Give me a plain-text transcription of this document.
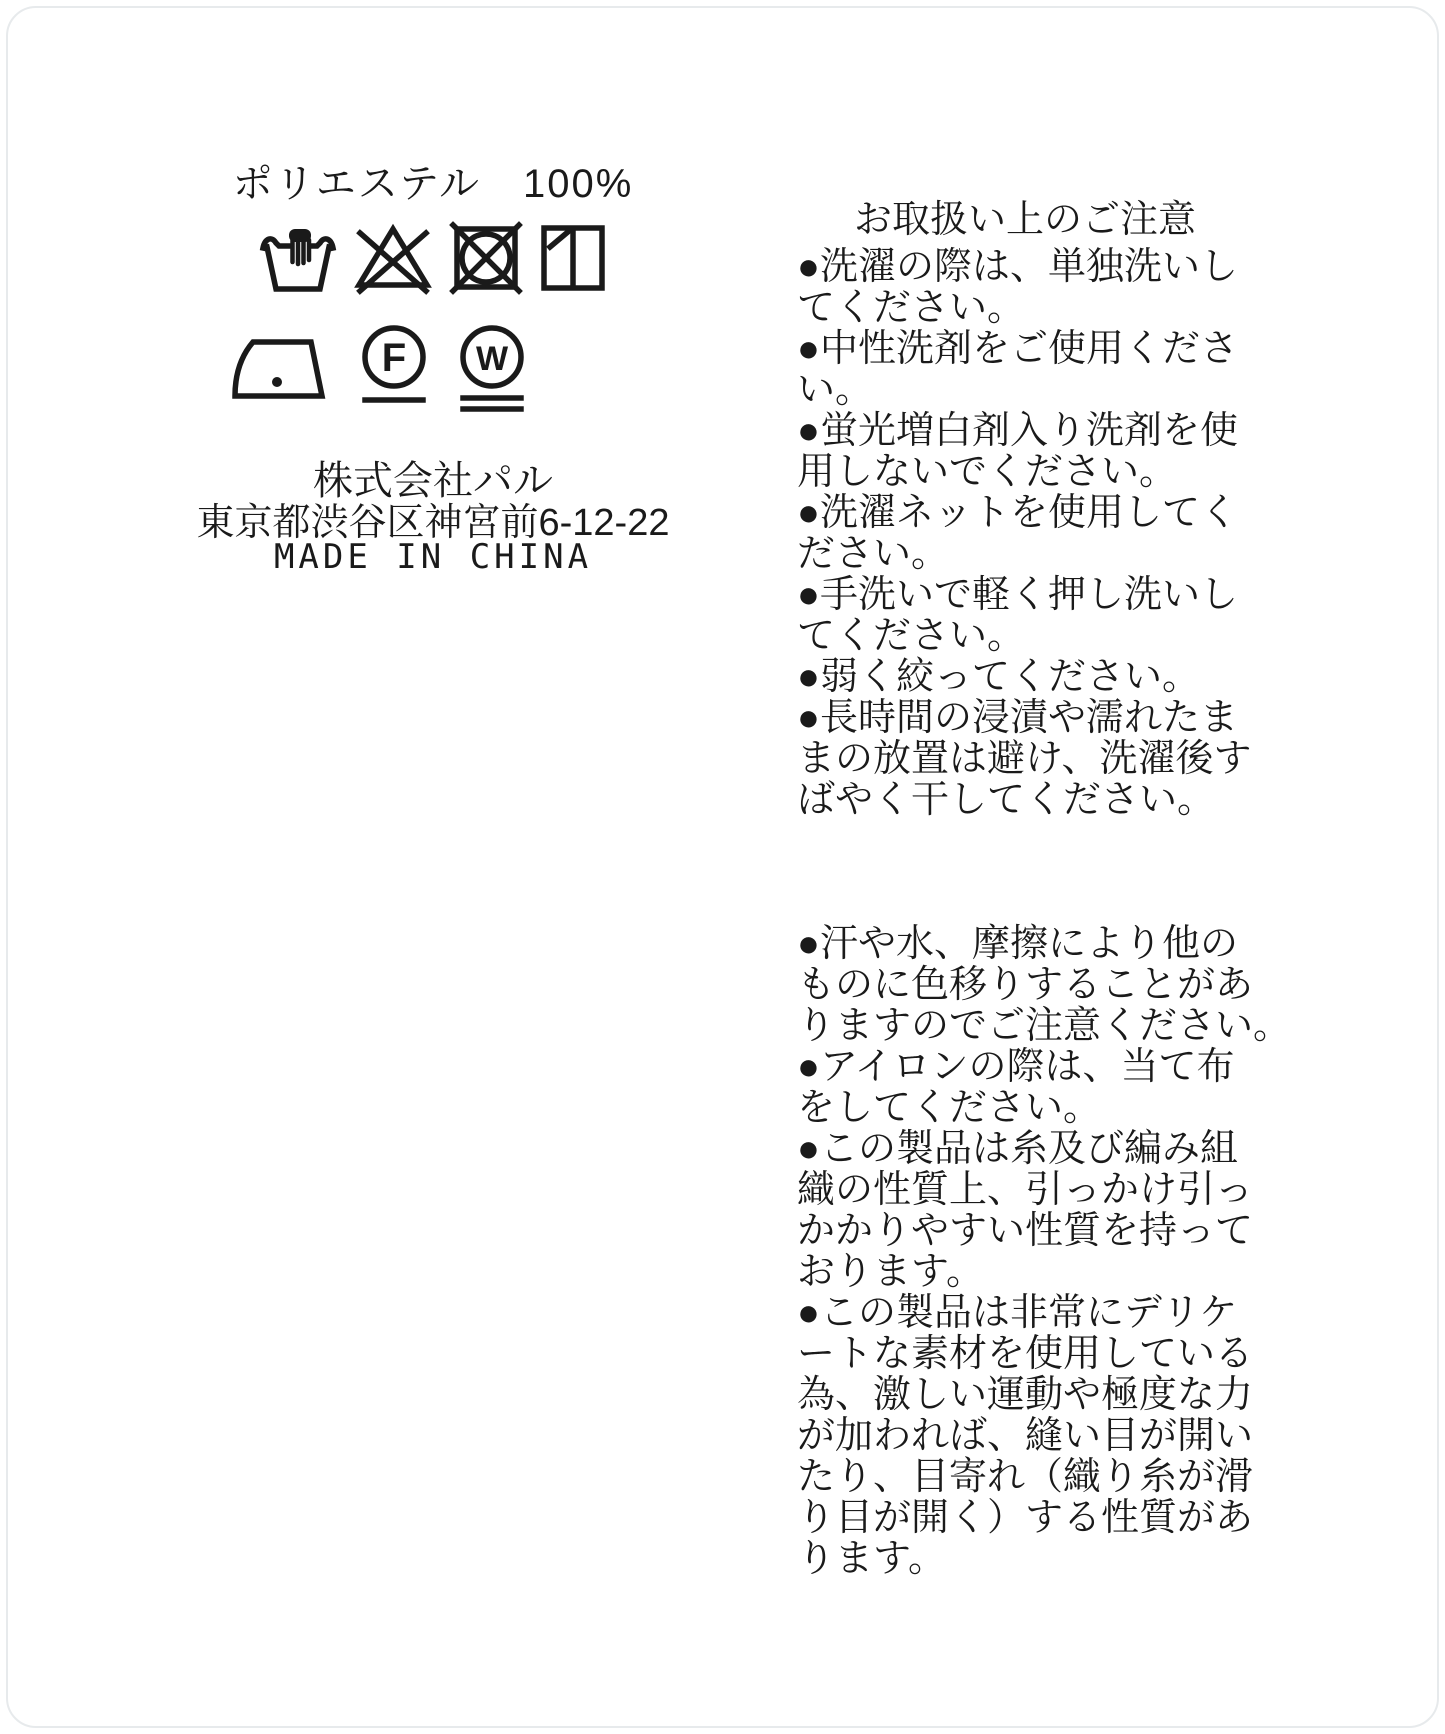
ポリエステル　100%
F W
株式会社パル
東京都渋谷区神宮前6-12-22
MADE IN CHINA
お取扱い上のご注意
●洗濯の際は、単独洗いし
てください。
●中性洗剤をご使用くださ
い。
●蛍光増白剤入り洗剤を使
用しないでください。
●洗濯ネットを使用してく
ださい。
●手洗いで軽く押し洗いし
てください。
●弱く絞ってください。
●長時間の浸漬や濡れたま
まの放置は避け、洗濯後す
ばやく干してください。
●汗や水、摩擦により他の
ものに色移りすることがあ
りますのでご注意ください。
●アイロンの際は、当て布
をしてください。
●この製品は糸及び編み組
織の性質上、引っかけ引っ
かかりやすい性質を持って
おります。
●この製品は非常にデリケ
ートな素材を使用している
為、激しい運動や極度な力
が加われば、縫い目が開い
たり、目寄れ（織り糸が滑
り目が開く）する性質があ
ります。
